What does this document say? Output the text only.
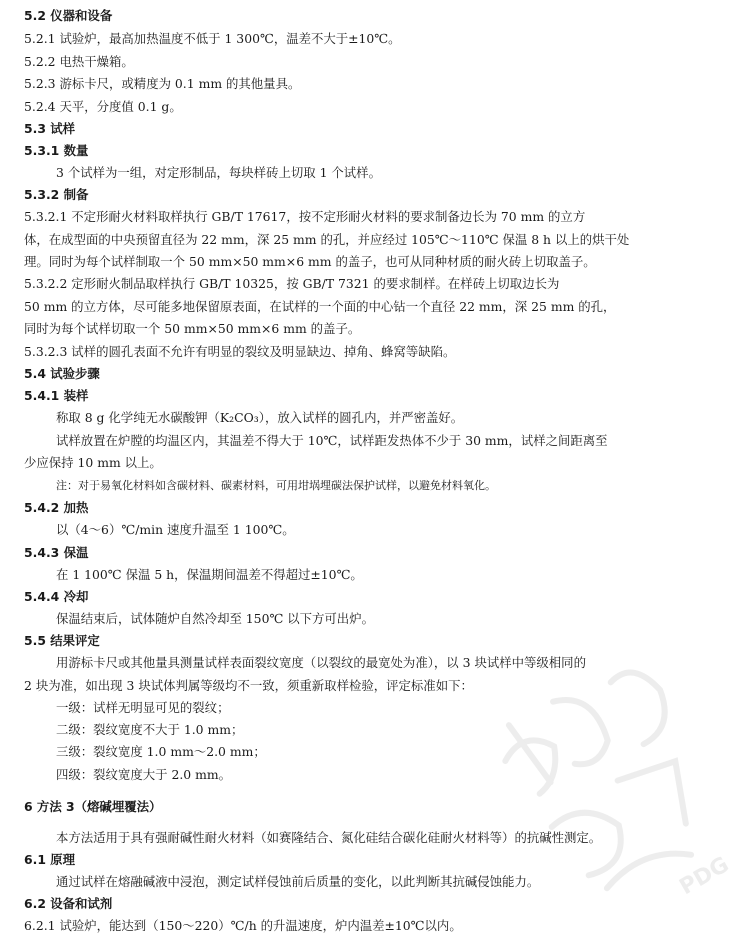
5.2 仪器和设备
5.2.1 试验炉，最高加热温度不低于 1 300℃，温差不大于±10℃。
5.2.2 电热干燥箱。
5.2.3 游标卡尺，或精度为 0.1 mm 的其他量具。
5.2.4 天平，分度值 0.1 g。
5.3 试样
5.3.1 数量
3 个试样为一组，对定形制品，每块样砖上切取 1 个试样。
5.3.2 制备
5.3.2.1 不定形耐火材料取样执行 GB/T 17617，按不定形耐火材料的要求制备边长为 70 mm 的立方
体，在成型面的中央预留直径为 22 mm，深 25 mm 的孔，并应经过 105℃～110℃ 保温 8 h 以上的烘干处
理。同时为每个试样制取一个 50 mm×50 mm×6 mm 的盖子，也可从同种材质的耐火砖上切取盖子。
5.3.2.2 定形耐火制品取样执行 GB/T 10325，按 GB/T 7321 的要求制样。在样砖上切取边长为
50 mm 的立方体，尽可能多地保留原表面，在试样的一个面的中心钻一个直径 22 mm，深 25 mm 的孔，
同时为每个试样切取一个 50 mm×50 mm×6 mm 的盖子。
5.3.2.3 试样的圆孔表面不允许有明显的裂纹及明显缺边、掉角、蜂窝等缺陷。
5.4 试验步骤
5.4.1 装样
称取 8 g 化学纯无水碳酸钾（K₂CO₃），放入试样的圆孔内，并严密盖好。
试样放置在炉膛的均温区内，其温差不得大于 10℃，试样距发热体不少于 30 mm，试样之间距离至
少应保持 10 mm 以上。
注：对于易氧化材料如含碳材料、碳素材料，可用坩埚埋碳法保护试样，以避免材料氧化。
5.4.2 加热
以（4～6）℃/min 速度升温至 1 100℃。
5.4.3 保温
在 1 100℃ 保温 5 h，保温期间温差不得超过±10℃。
5.4.4 冷却
保温结束后，试体随炉自然冷却至 150℃ 以下方可出炉。
5.5 结果评定
用游标卡尺或其他量具测量试样表面裂纹宽度（以裂纹的最宽处为准），以 3 块试样中等级相同的
2 块为准，如出现 3 块试体判属等级均不一致，须重新取样检验，评定标准如下：
一级：试样无明显可见的裂纹；
二级：裂纹宽度不大于 1.0 mm；
三级：裂纹宽度 1.0 mm～2.0 mm；
四级：裂纹宽度大于 2.0 mm。
6 方法 3（熔碱埋覆法）
本方法适用于具有强耐碱性耐火材料（如赛隆结合、氮化硅结合碳化硅耐火材料等）的抗碱性测定。
6.1 原理
通过试样在熔融碱液中浸泡，测定试样侵蚀前后质量的变化，以此判断其抗碱侵蚀能力。
6.2 设备和试剂
6.2.1 试验炉，能达到（150～220）℃/h 的升温速度，炉内温差±10℃以内。
PDG
